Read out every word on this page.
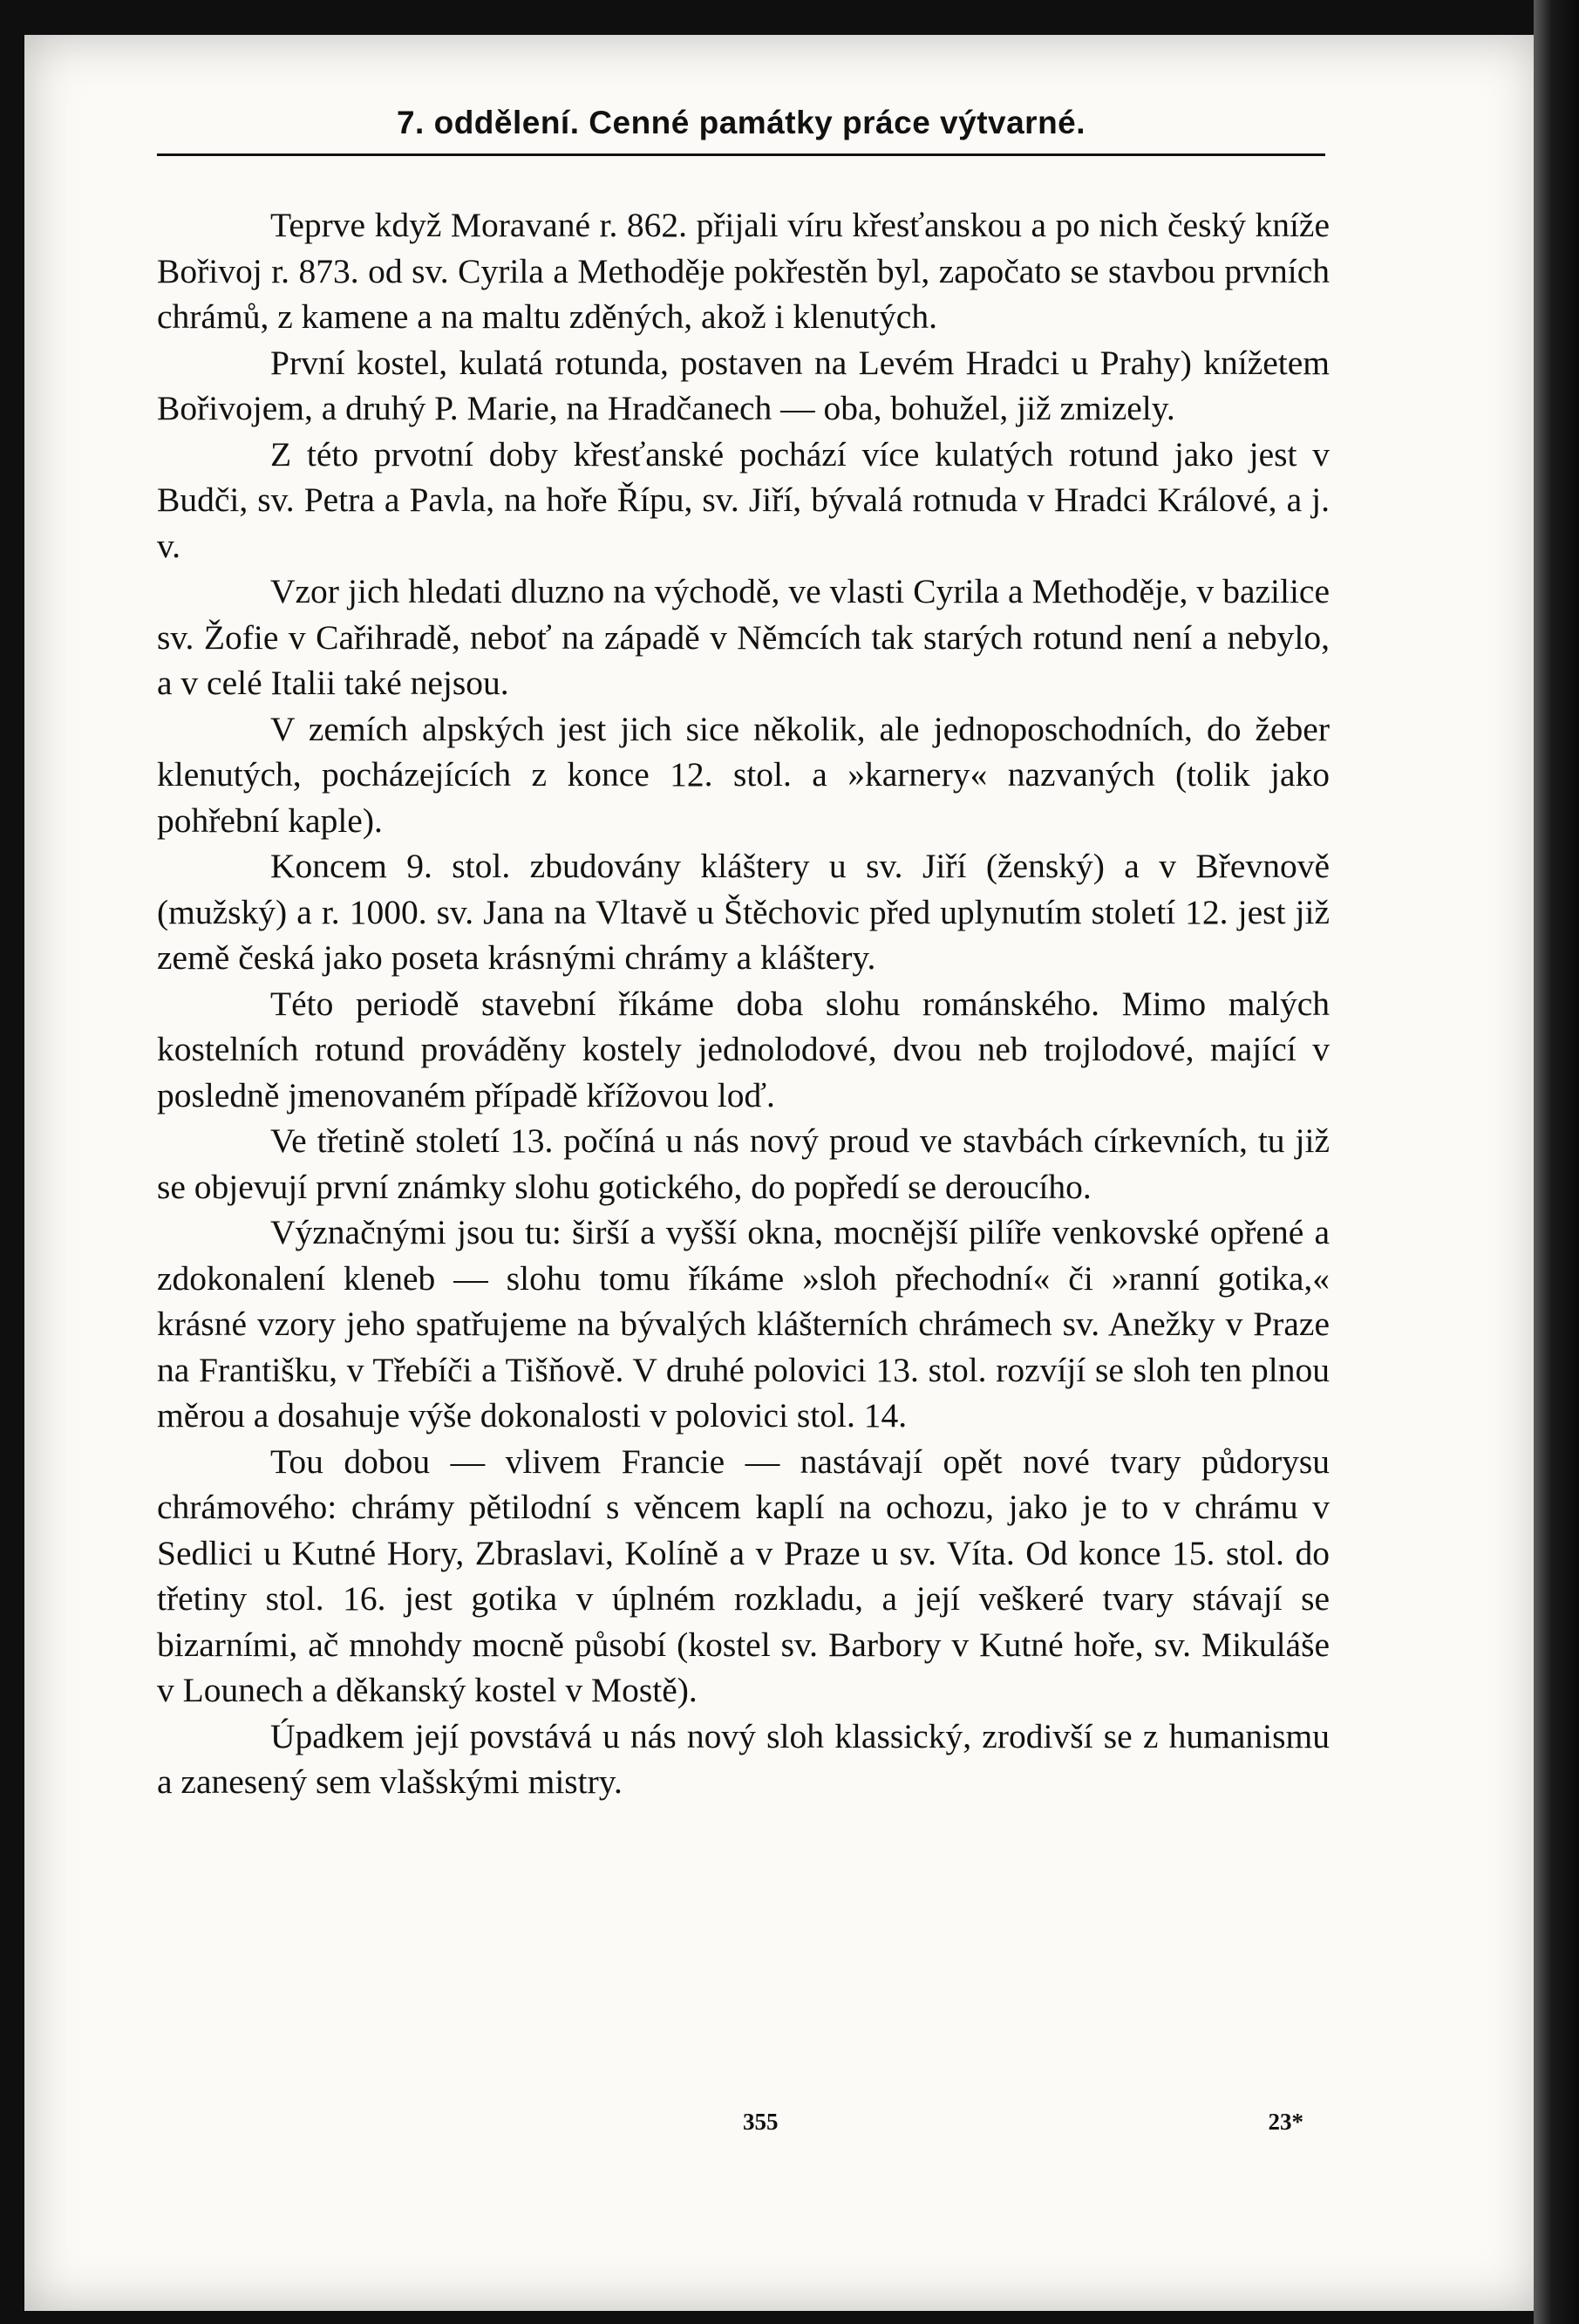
7. oddělení. Cenné památky práce výtvarné.

Teprve když Moravané r. 862. přijali víru křesťanskou a po nich český kníže Bořivoj r. 873. od sv. Cyrila a Methoděje pokřestěn byl, započato se stavbou prvních chrámů, z kamene a na maltu zděných, akož i klenutých.

První kostel, kulatá rotunda, postaven na Levém Hradci u Prahy) knížetem Bořivojem, a druhý P. Marie, na Hradčanech — oba, bohužel, již zmizely.

Z této prvotní doby křesťanské pochází více kulatých rotund jako jest v Budči, sv. Petra a Pavla, na hoře Řípu, sv. Jiří, bývalá rotnuda v Hradci Králové, a j. v.

Vzor jich hledati dluzno na východě, ve vlasti Cyrila a Methoděje, v bazilice sv. Žofie v Cařihradě, neboť na západě v Němcích tak starých rotund není a nebylo, a v celé Italii také nejsou.

V zemích alpských jest jich sice několik, ale jednoposchodních, do žeber klenutých, pocházejících z konce 12. stol. a »karnery« nazvaných (tolik jako pohřební kaple).

Koncem 9. stol. zbudovány kláštery u sv. Jiří (ženský) a v Břevnově (mužský) a r. 1000. sv. Jana na Vltavě u Štěchovic před uplynutím století 12. jest již země česká jako poseta krásnými chrámy a kláštery.

Této periodě stavební říkáme doba slohu románského. Mimo malých kostelních rotund prováděny kostely jednolodové, dvou neb trojlodové, mající v posledně jmenovaném případě křížovou loď.

Ve třetině století 13. počíná u nás nový proud ve stavbách církevních, tu již se objevují první známky slohu gotického, do popředí se deroucího.

Význačnými jsou tu: širší a vyšší okna, mocnější pilíře venkovské opřené a zdokonalení kleneb — slohu tomu říkáme »sloh přechodní« či »ranní gotika,« krásné vzory jeho spatřujeme na bývalých klášterních chrámech sv. Anežky v Praze na Františku, v Třebíči a Tišňově. V druhé polovici 13. stol. rozvíjí se sloh ten plnou měrou a dosahuje výše dokonalosti v polovici stol. 14.

Tou dobou — vlivem Francie — nastávají opět nové tvary půdorysu chrámového: chrámy pětilodní s věncem kaplí na ochozu, jako je to v chrámu v Sedlici u Kutné Hory, Zbraslavi, Kolíně a v Praze u sv. Víta. Od konce 15. stol. do třetiny stol. 16. jest gotika v úplném rozkladu, a její veškeré tvary stávají se bizarními, ač mnohdy mocně působí (kostel sv. Barbory v Kutné hoře, sv. Mikuláše v Lounech a děkanský kostel v Mostě).

Úpadkem její povstává u nás nový sloh klassický, zrodivší se z humanismu a zanesený sem vlašskými mistry.

355	23*
